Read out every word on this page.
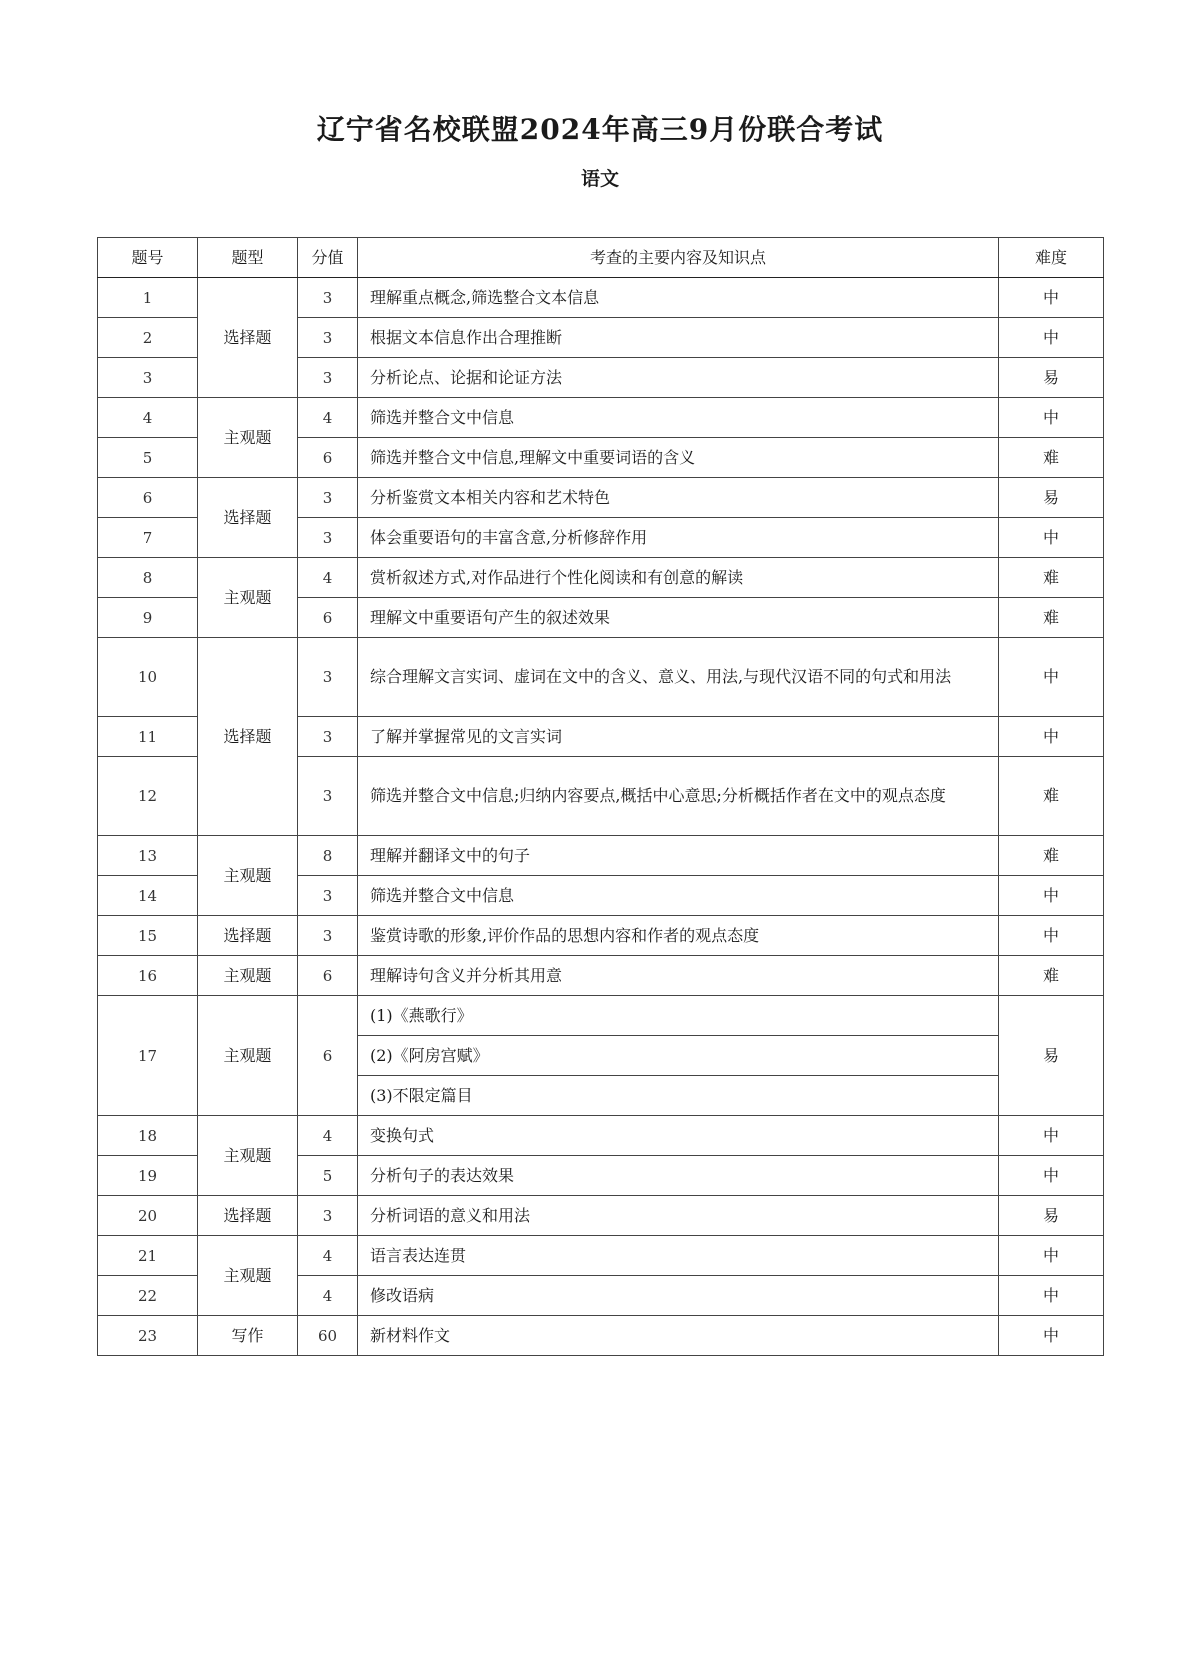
辽宁省名校联盟2024年高三9月份联合考试
语文
题号	题型	分值	考查的主要内容及知识点	难度
1	选择题	3	理解重点概念,筛选整合文本信息	中
2		3	根据文本信息作出合理推断	中
3		3	分析论点、论据和论证方法	易
4	主观题	4	筛选并整合文中信息	中
5		6	筛选并整合文中信息,理解文中重要词语的含义	难
6	选择题	3	分析鉴赏文本相关内容和艺术特色	易
7		3	体会重要语句的丰富含意,分析修辞作用	中
8	主观题	4	赏析叙述方式,对作品进行个性化阅读和有创意的解读	难
9		6	理解文中重要语句产生的叙述效果	难
10	选择题	3	综合理解文言实词、虚词在文中的含义、意义、用法,与现代汉语不同的句式和用法	中
11		3	了解并掌握常见的文言实词	中
12		3	筛选并整合文中信息;归纳内容要点,概括中心意思;分析概括作者在文中的观点态度	难
13	主观题	8	理解并翻译文中的句子	难
14		3	筛选并整合文中信息	中
15	选择题	3	鉴赏诗歌的形象,评价作品的思想内容和作者的观点态度	中
16	主观题	6	理解诗句含义并分析其用意	难
17	主观题	6	(1)《燕歌行》	易
			(2)《阿房宫赋》	
			(3)不限定篇目	
18	主观题	4	变换句式	中
19		5	分析句子的表达效果	中
20	选择题	3	分析词语的意义和用法	易
21	主观题	4	语言表达连贯	中
22		4	修改语病	中
23	写作	60	新材料作文	中
